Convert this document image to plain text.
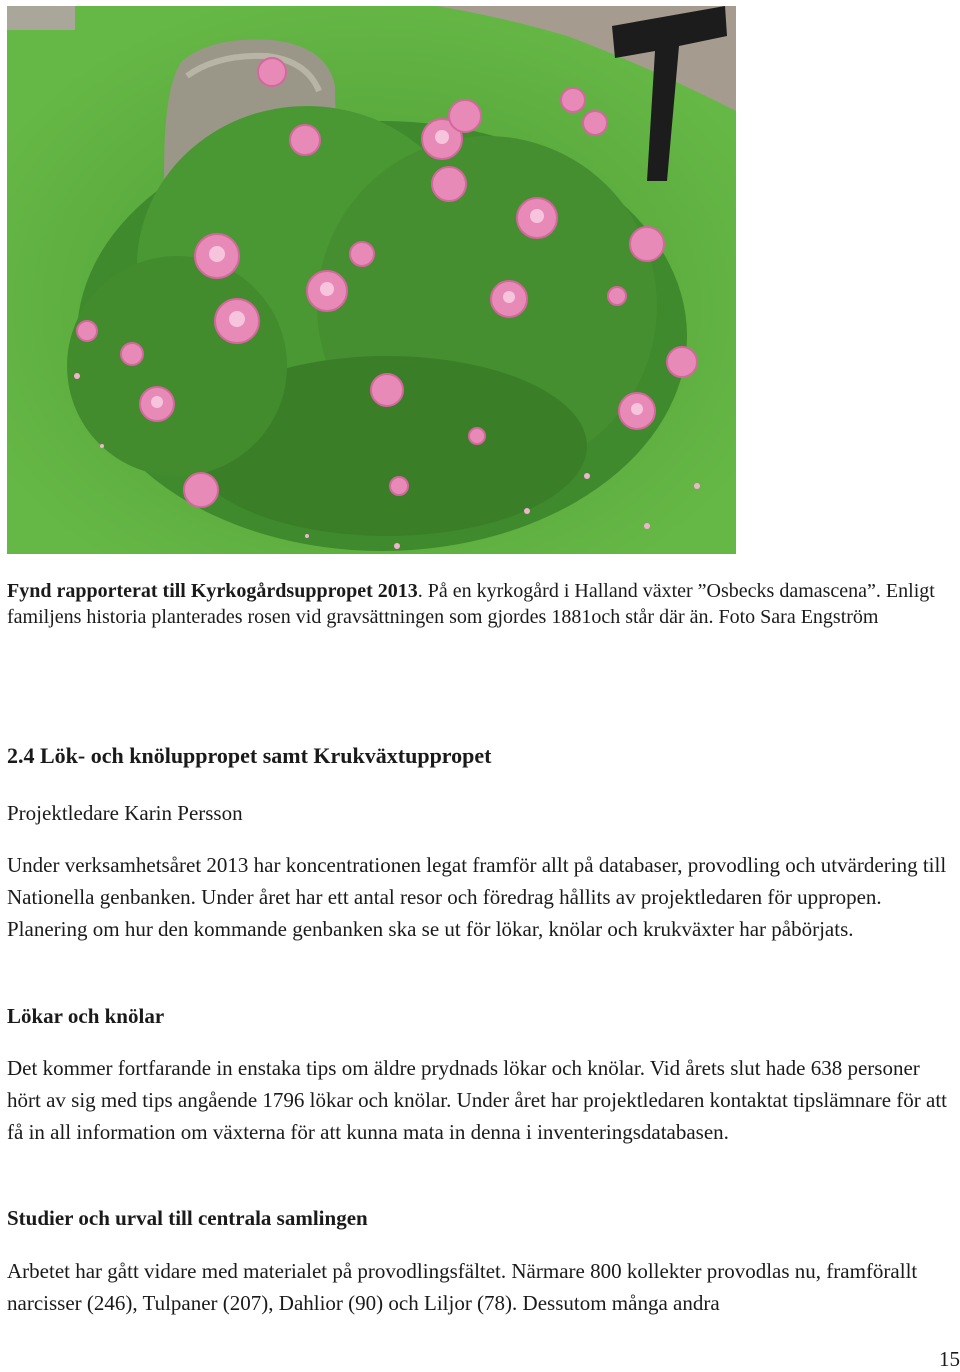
Fynd rapporterat till Kyrkogårdsuppropet 2013. På en kyrkogård i Halland växter ”Osbecks damascena”. Enligt familjens historia planterades rosen vid gravsättningen som gjordes 1881och står där än. Foto Sara Engström

2.4 Lök- och knöluppropet samt Krukväxtuppropet

Projektledare Karin Persson

Under verksamhetsåret 2013 har koncentrationen legat framför allt på databaser, provodling och utvärdering till Nationella genbanken. Under året har ett antal resor och föredrag hållits av projektledaren för uppropen. Planering om hur den kommande genbanken ska se ut för lökar, knölar och krukväxter har påbörjats.

Lökar och knölar

Det kommer fortfarande in enstaka tips om äldre prydnads lökar och knölar. Vid årets slut hade 638 personer hört av sig med tips angående 1796 lökar och knölar. Under året har projektledaren kontaktat tipslämnare för att få in all information om växterna för att kunna mata in denna i inventeringsdatabasen.

Studier och urval till centrala samlingen

Arbetet har gått vidare med materialet på provodlingsfältet. Närmare 800 kollekter provodlas nu, framförallt narcisser (246), Tulpaner (207), Dahlior (90) och Liljor (78). Dessutom många andra

15
